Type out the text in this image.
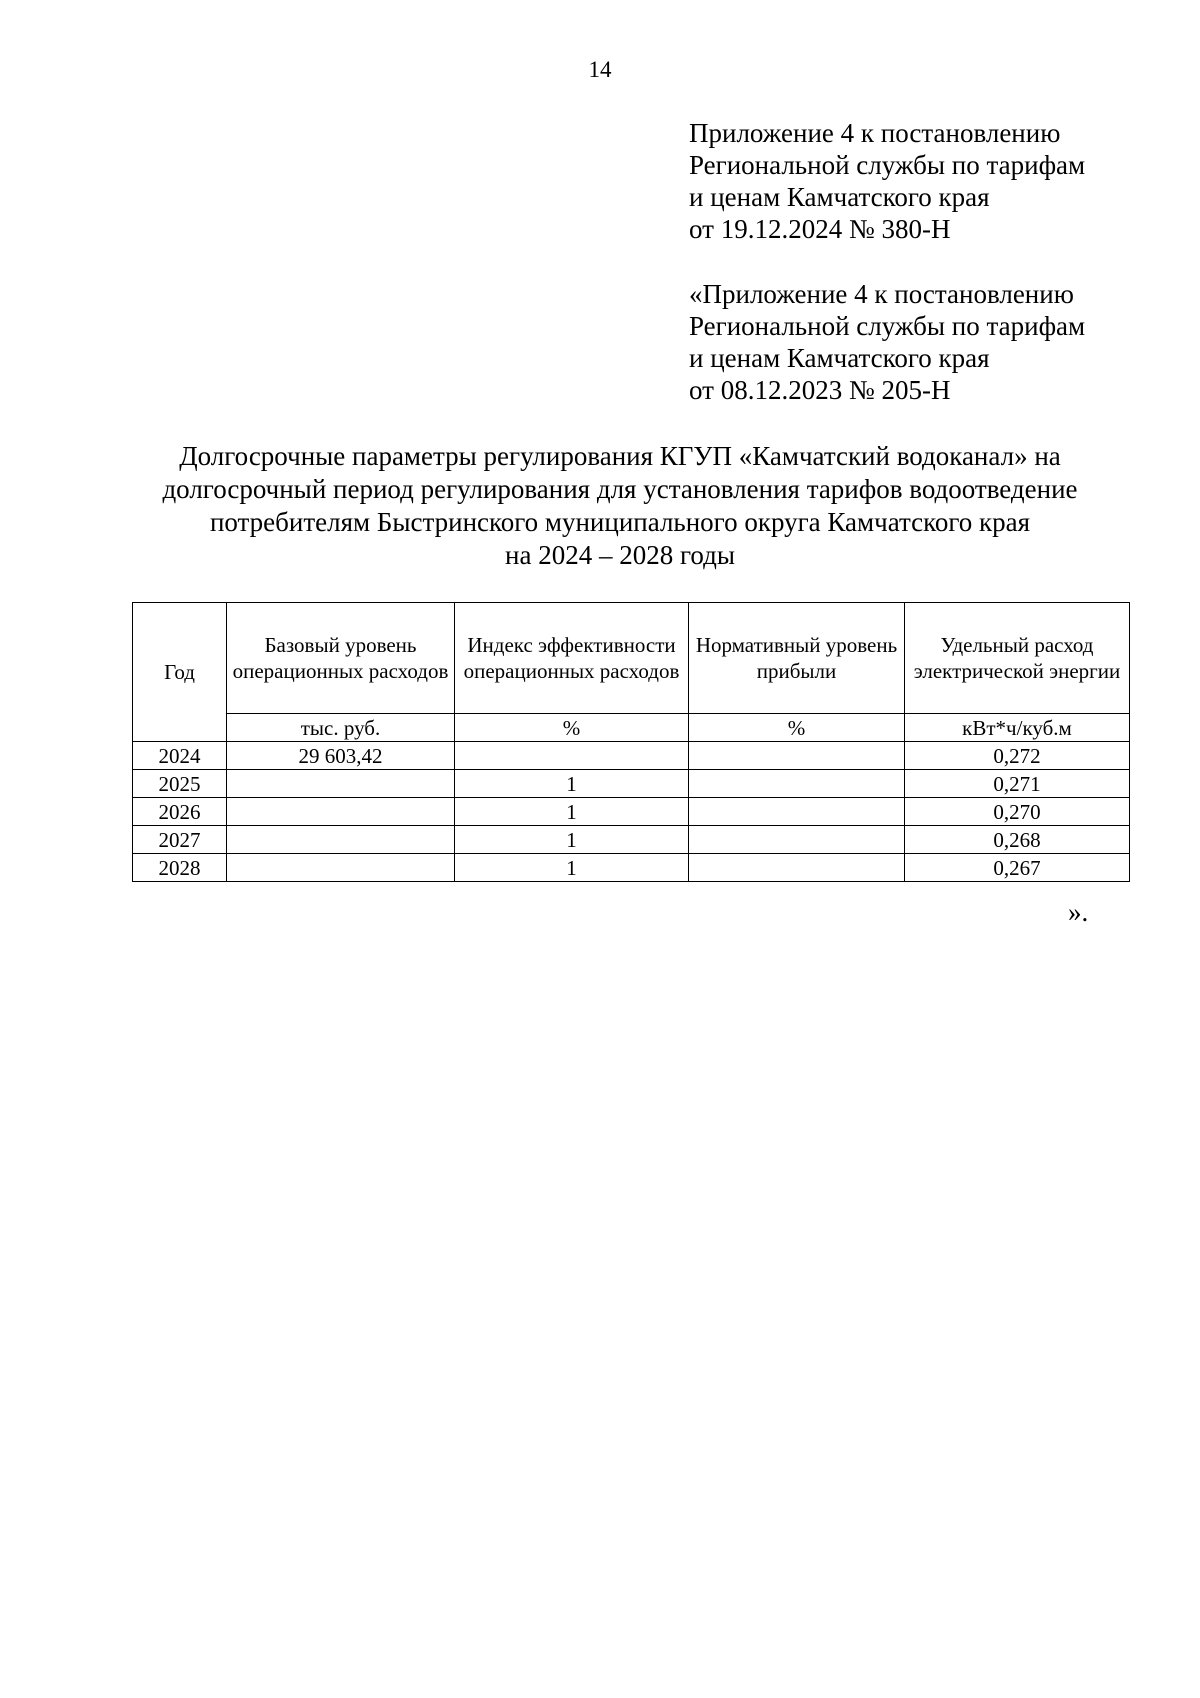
14
Приложение 4 к постановлению
Региональной службы по тарифам
и ценам Камчатского края
от 19.12.2024 № 380-Н
«Приложение 4 к постановлению
Региональной службы по тарифам
и ценам Камчатского края
от 08.12.2023 № 205-Н
Долгосрочные параметры регулирования КГУП «Камчатский водоканал» на
долгосрочный период регулирования для установления тарифов водоотведение
потребителям Быстринского муниципального округа Камчатского края
на 2024 – 2028 годы
Год	Базовый уровень операционных расходов	Индекс эффективности операционных расходов	Нормативный уровень прибыли	Удельный расход электрической энергии
	тыс. руб.	%	%	кВт*ч/куб.м
2024	29 603,42			0,272
2025		1		0,271
2026		1		0,270
2027		1		0,268
2028		1		0,267
».
